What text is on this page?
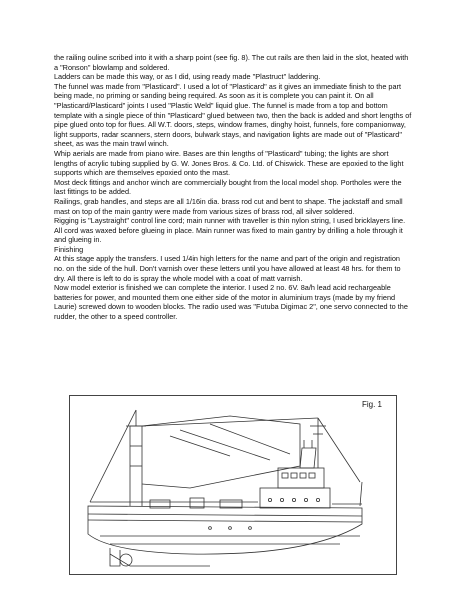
the railing ouline scribed into it with a sharp point (see fig. 8). The cut rails are then laid in the slot, heated with a "Ronson" blowlamp and soldered.

Ladders can be made this way, or as I did, using ready made "Plastruct" laddering.

The funnel was made from "Plasticard". I used a lot of "Plasticard" as it gives an immediate finish to the part being made, no priming or sanding being required. As soon as it is complete you can paint it. On all "Plasticard/Plasticard" joints I used "Plastic Weld" liquid glue. The funnel is made from a top and bottom template with a single piece of thin "Plasticard" glued between two, then the back is added and short lengths of pipe glued onto top for flues. All W.T. doors, steps, window frames, dinghy hoist, funnels, fore companionway, light supports, radar scanners, stern doors, bulwark stays, and navigation lights are made out of "Plasticard" sheet, as was the main trawl winch.

Whip aerials are made from piano wire. Bases are thin lengths of "Plasticard" tubing; the lights are short lengths of acrylic tubing supplied by G. W. Jones Bros. & Co. Ltd. of Chiswick. These are epoxied to the light supports which are themselves epoxied onto the mast.

Most deck fittings and anchor winch are commercially bought from the local model shop. Portholes were the last fittings to be added.

Railings, grab handles, and steps are all 1/16in dia. brass rod cut and bent to shape. The jackstaff and small mast on top of the main gantry were made from various sizes of brass rod, all silver soldered.

Rigging is "Laystraight" control line cord; main runner with traveller is thin nylon string, I used bricklayers line. All cord was waxed before glueing in place. Main runner was fixed to main gantry by drilling a hole through it and glueing in.

Finishing

At this stage apply the transfers. I used 1/4in high letters for the name and part of the origin and registration no. on the side of the hull. Don't varnish over these letters until you have allowed at least 48 hrs. for them to dry. All there is left to do is spray the whole model with a coat of matt varnish.

Now model exterior is finished we can complete the interior. I used 2 no. 6V. 8a/h lead acid rechargeable batteries for power, and mounted them one either side of the motor in aluminium trays (made by my friend Laurie) screwed down to wooden blocks. The radio used was "Futuba Digimac 2", one servo connected to the rudder, the other to a speed controller.

Fig. 1
